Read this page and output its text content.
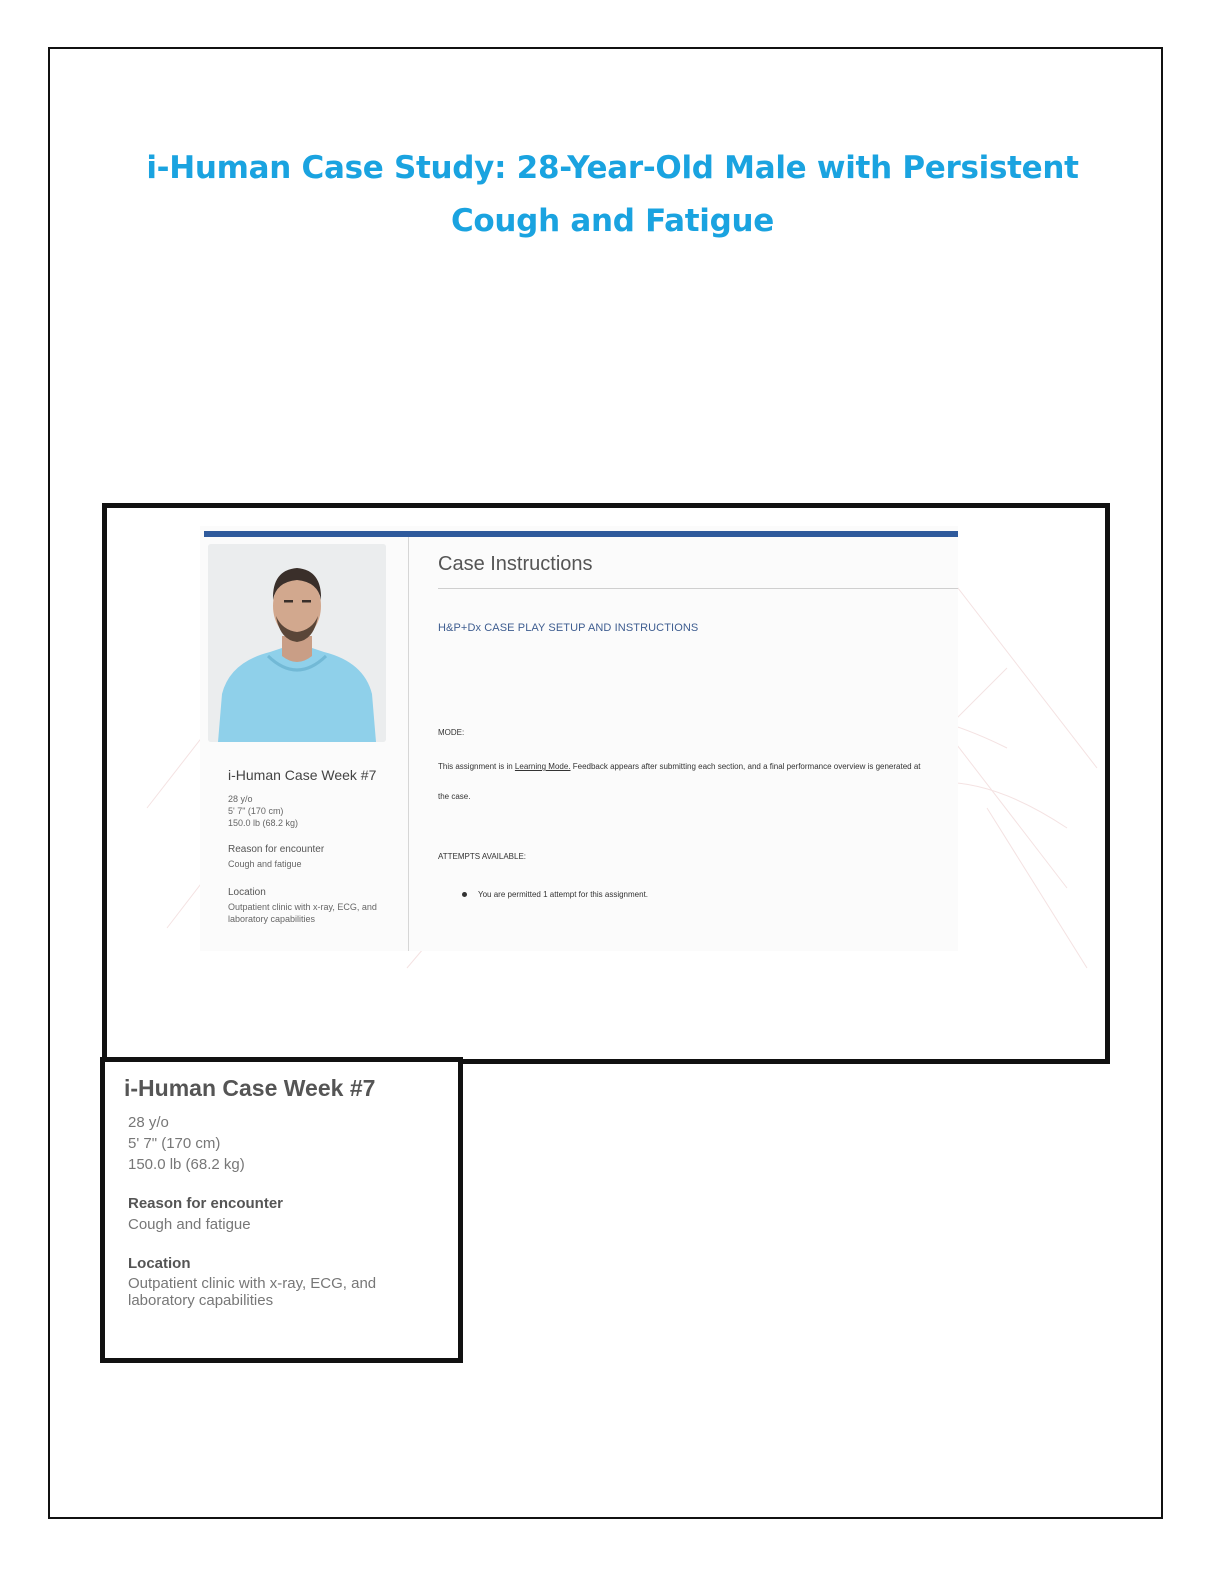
i-Human Case Study: 28-Year-Old Male with Persistent Cough and Fatigue
i-Human Case Week #7
28 y/o
5' 7" (170 cm)
150.0 lb (68.2 kg)
Reason for encounter
Cough and fatigue
Location
Outpatient clinic with x-ray, ECG, and
laboratory capabilities
Case Instructions
H&P+Dx CASE PLAY SETUP AND INSTRUCTIONS
MODE:
This assignment is in Learning Mode. Feedback appears after submitting each section, and a final performance overview is generated at
the case.
ATTEMPTS AVAILABLE:
You are permitted 1 attempt for this assignment.
i-Human Case Week #7
28 y/o
5' 7" (170 cm)
150.0 lb (68.2 kg)
Reason for encounter
Cough and fatigue
Location
Outpatient clinic with x-ray, ECG, and
laboratory capabilities
